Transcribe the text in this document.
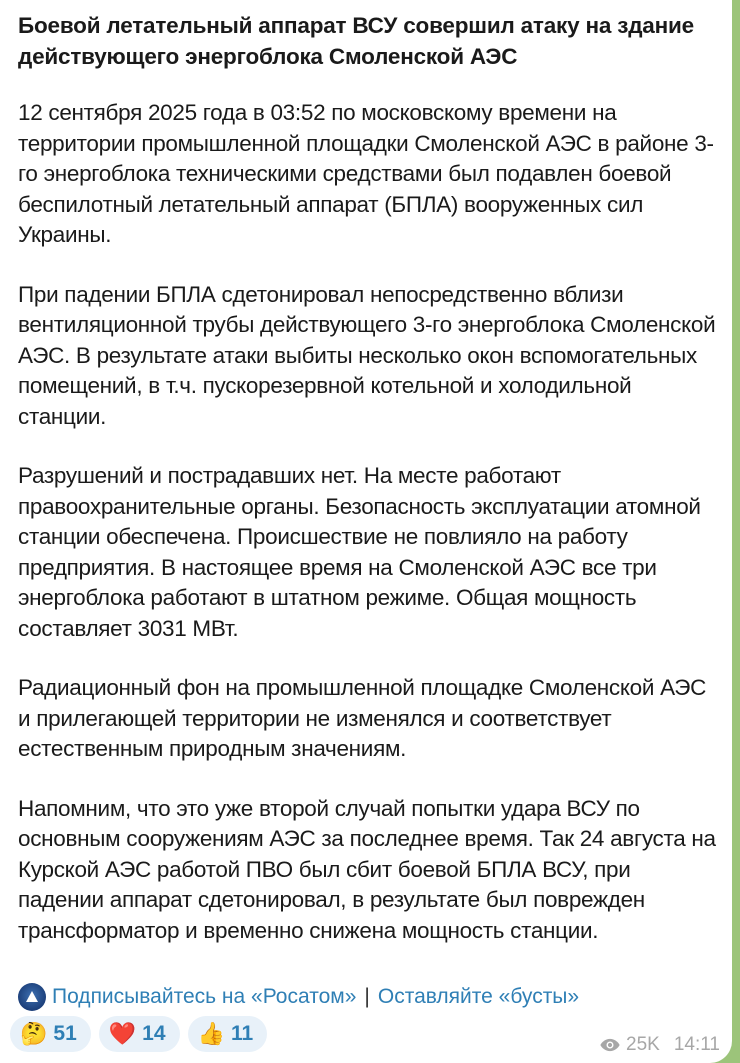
Боевой летательный аппарат ВСУ совершил атаку на здание действующего энергоблока Смоленской АЭС

12 сентября 2025 года в 03:52 по московскому времени на территории промышленной площадки Смоленской АЭС в районе 3-го энергоблока техническими средствами был подавлен боевой беспилотный летательный аппарат (БПЛА) вооруженных сил Украины.

При падении БПЛА сдетонировал непосредственно вблизи вентиляционной трубы действующего 3-го энергоблока Смоленской АЭС. В результате атаки выбиты несколько окон вспомогательных помещений, в т.ч. пускорезервной котельной и холодильной станции.

Разрушений и пострадавших нет. На месте работают правоохранительные органы. Безопасность эксплуатации атомной станции обеспечена. Происшествие не повлияло на работу предприятия. В настоящее время на Смоленской АЭС все три энергоблока работают в штатном режиме. Общая мощность составляет 3031 МВт.

Радиационный фон на промышленной площадке Смоленской АЭС и прилегающей территории не изменялся и соответствует естественным природным значениям.

Напомним, что это уже второй случай попытки удара ВСУ по основным сооружениям АЭС за последнее время. Так 24 августа на Курской АЭС работой ПВО был сбит боевой БПЛА ВСУ, при падении аппарат сдетонировал, в результате был поврежден трансформатор и временно снижена мощность станции.

Подписывайтесь на «Росатом» | Оставляйте «бусты»
🤔 51 ❤️ 14 👍 11	25K 14:11
